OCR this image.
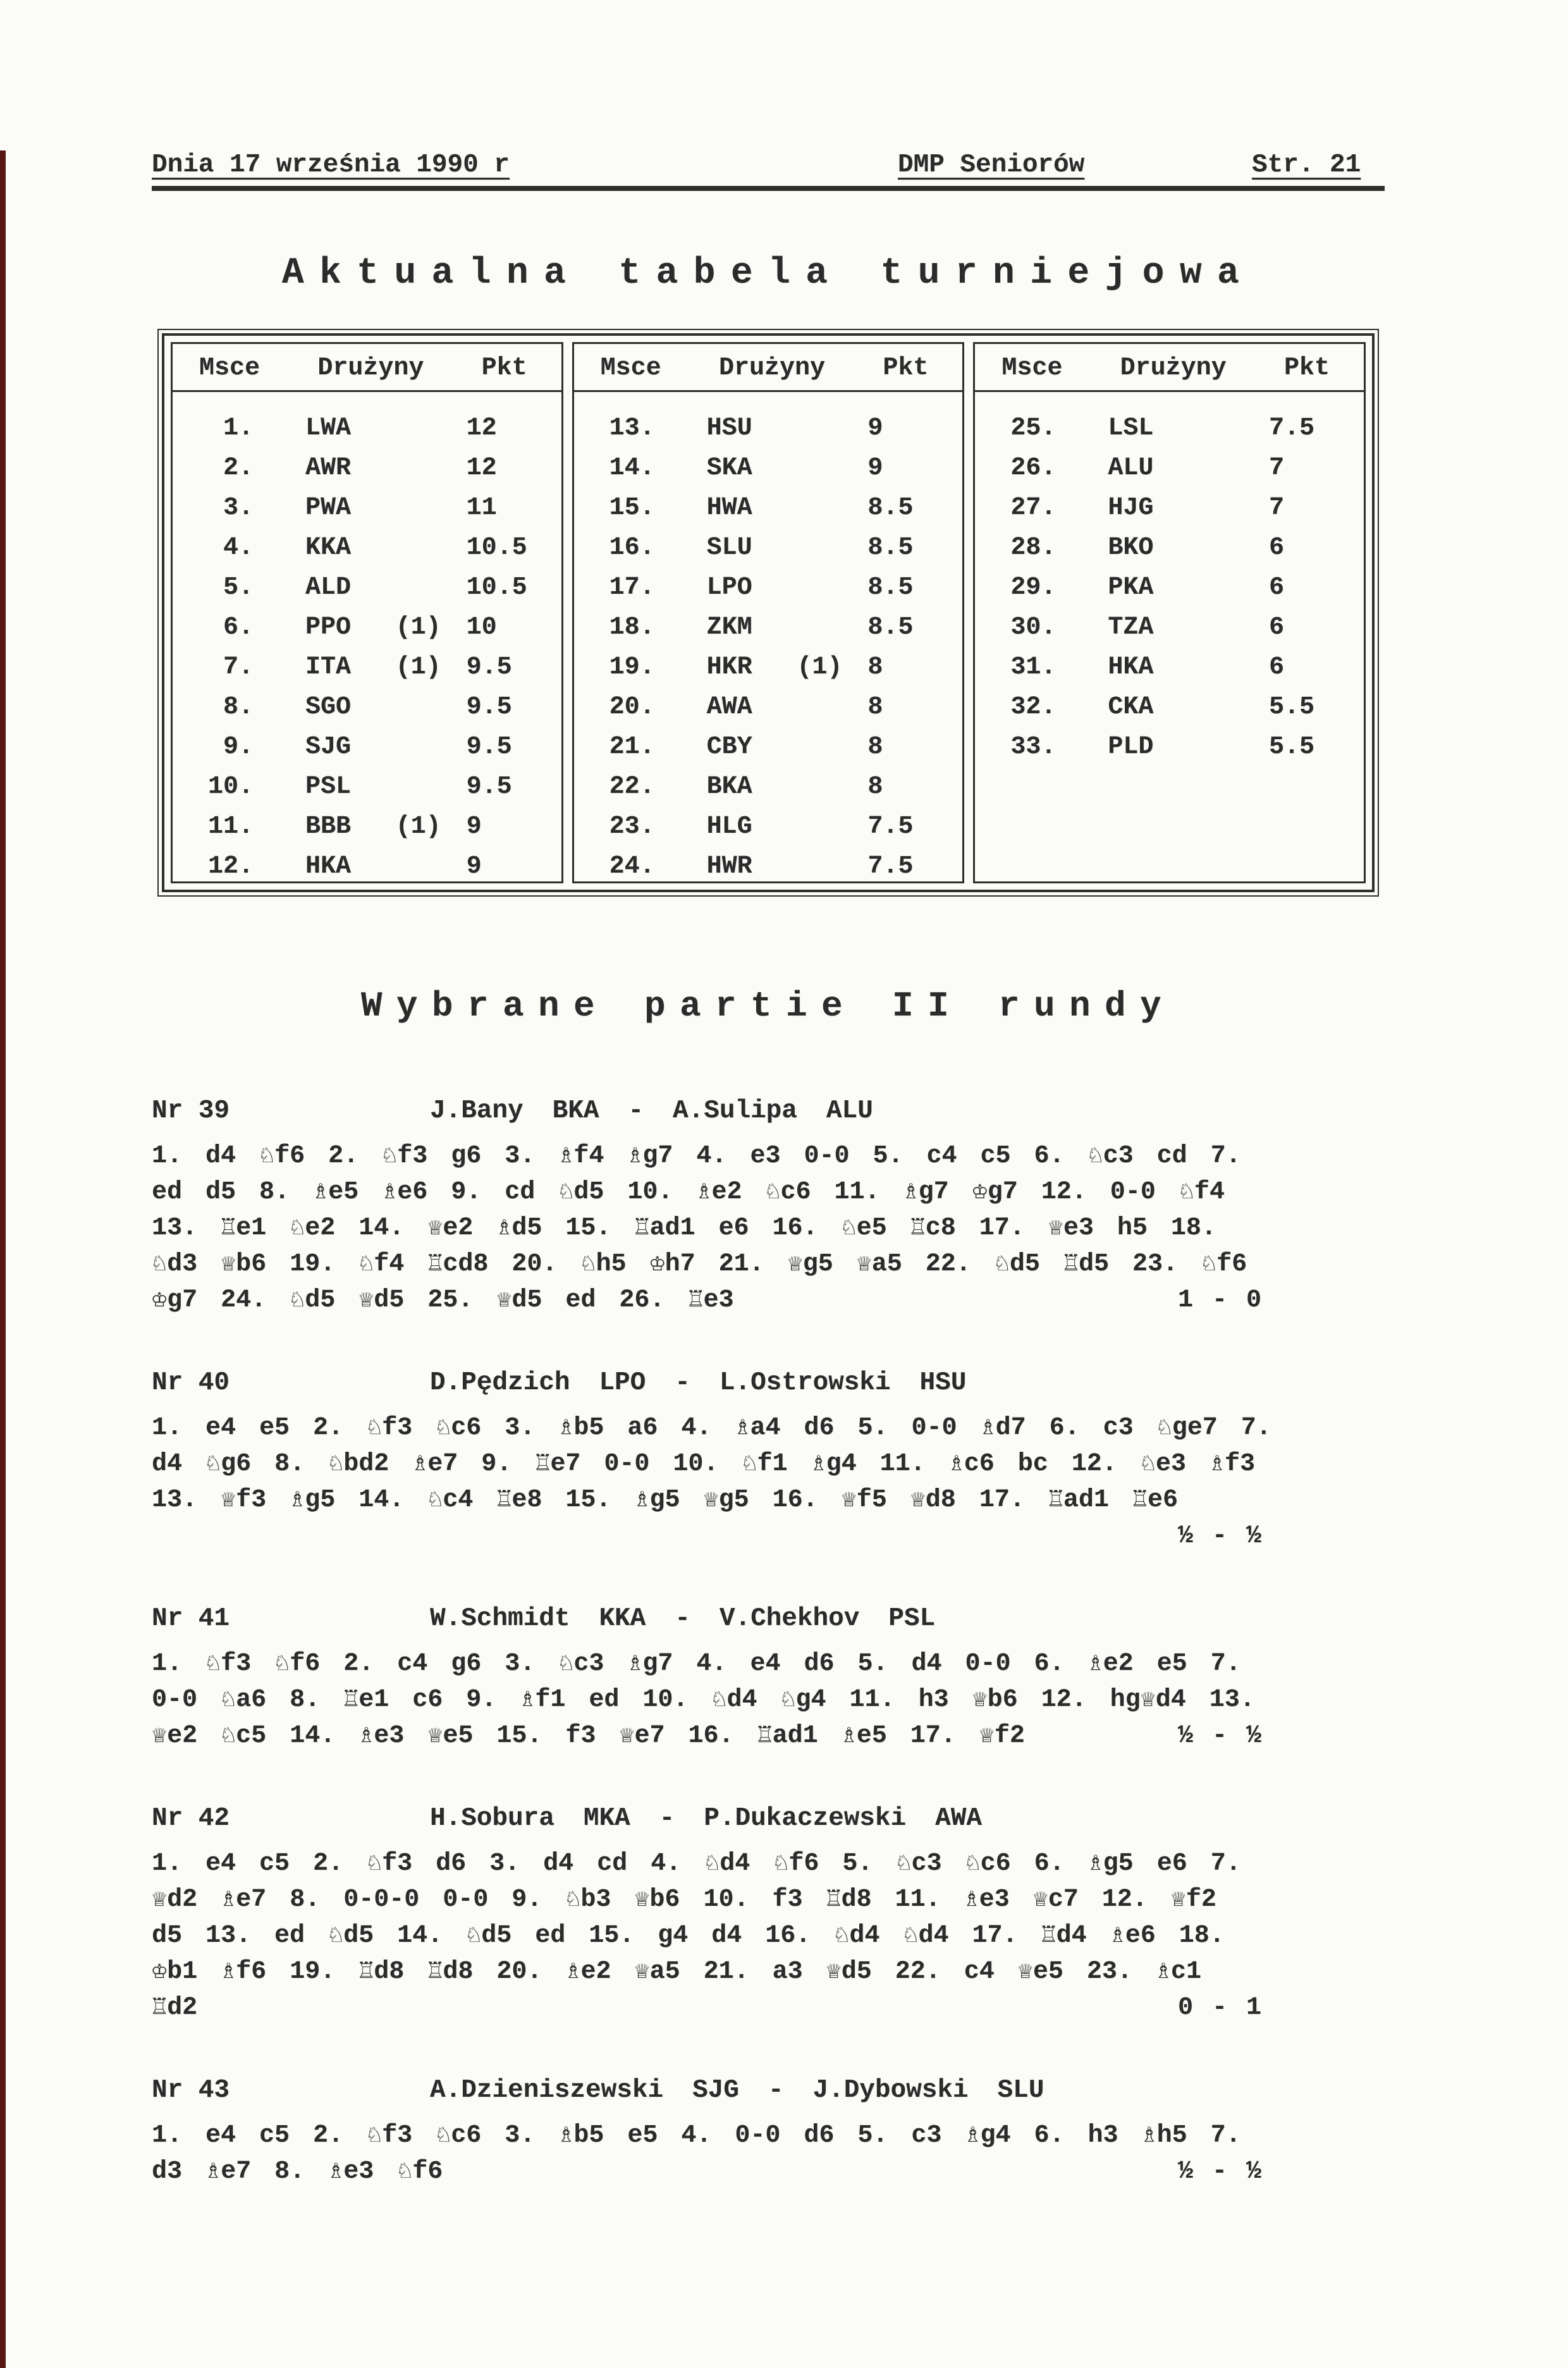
Dnia 17 września 1990 r	DMP Seniorów	Str. 21
Aktualna tabela turniejowa
Msce Drużyny Pkt
1.	LWA	12
2.	AWR	12
3.	PWA	11
4.	KKA	10.5
5.	ALD	10.5
6.	PPO	(1) 10
7.	ITA	(1) 9.5
8.	SGO	9.5
9.	SJG	9.5
10.	PSL	9.5
11.	BBB	(1) 9
12.	HKA	9
Msce Drużyny Pkt
13.	HSU	9
14.	SKA	9
15.	HWA	8.5
16.	SLU	8.5
17.	LPO	8.5
18.	ZKM	8.5
19.	HKR	(1) 8
20.	AWA	8
21.	CBY	8
22.	BKA	8
23.	HLG	7.5
24.	HWR	7.5
Msce Drużyny Pkt
25.	LSL	7.5
26.	ALU	7
27.	HJG	7
28.	BKO	6
29.	PKA	6
30.	TZA	6
31.	HKA	6
32.	CKA	5.5
33.	PLD	5.5
Wybrane partie II rundy
Nr 39	J.Bany BKA - A.Sulipa ALU
1. d4 ♘f6 2. ♘f3 g6 3. ♗f4 ♗g7 4. e3 0-0 5. c4 c5 6. ♘c3 cd 7.
ed d5 8. ♗e5 ♗e6 9. cd ♘d5 10. ♗e2 ♘c6 11. ♗g7 ♔g7 12. 0-0 ♘f4
13. ♖e1 ♘e2 14. ♕e2 ♗d5 15. ♖ad1 e6 16. ♘e5 ♖c8 17. ♕e3 h5 18.
♘d3 ♕b6 19. ♘f4 ♖cd8 20. ♘h5 ♔h7 21. ♕g5 ♕a5 22. ♘d5 ♖d5 23. ♘f6
♔g7 24. ♘d5 ♕d5 25. ♕d5 ed 26. ♖e3	1 - 0
Nr 40	D.Pędzich LPO - L.Ostrowski HSU
1. e4 e5 2. ♘f3 ♘c6 3. ♗b5 a6 4. ♗a4 d6 5. 0-0 ♗d7 6. c3 ♘ge7 7.
d4 ♘g6 8. ♘bd2 ♗e7 9. ♖e7 0-0 10. ♘f1 ♗g4 11. ♗c6 bc 12. ♘e3 ♗f3
13. ♕f3 ♗g5 14. ♘c4 ♖e8 15. ♗g5 ♕g5 16. ♕f5 ♕d8 17. ♖ad1 ♖e6
½ - ½
Nr 41	W.Schmidt KKA - V.Chekhov PSL
1. ♘f3 ♘f6 2. c4 g6 3. ♘c3 ♗g7 4. e4 d6 5. d4 0-0 6. ♗e2 e5 7.
0-0 ♘a6 8. ♖e1 c6 9. ♗f1 ed 10. ♘d4 ♘g4 11. h3 ♕b6 12. hg♕d4 13.
♕e2 ♘c5 14. ♗e3 ♕e5 15. f3 ♕e7 16. ♖ad1 ♗e5 17. ♕f2	½ - ½
Nr 42	H.Sobura MKA - P.Dukaczewski AWA
1. e4 c5 2. ♘f3 d6 3. d4 cd 4. ♘d4 ♘f6 5. ♘c3 ♘c6 6. ♗g5 e6 7.
♕d2 ♗e7 8. 0-0-0 0-0 9. ♘b3 ♕b6 10. f3 ♖d8 11. ♗e3 ♕c7 12. ♕f2
d5 13. ed ♘d5 14. ♘d5 ed 15. g4 d4 16. ♘d4 ♘d4 17. ♖d4 ♗e6 18.
♔b1 ♗f6 19. ♖d8 ♖d8 20. ♗e2 ♕a5 21. a3 ♕d5 22. c4 ♕e5 23. ♗c1
♖d2	0 - 1
Nr 43	A.Dzieniszewski SJG - J.Dybowski SLU
1. e4 c5 2. ♘f3 ♘c6 3. ♗b5 e5 4. 0-0 d6 5. c3 ♗g4 6. h3 ♗h5 7.
d3 ♗e7 8. ♗e3 ♘f6	½ - ½
